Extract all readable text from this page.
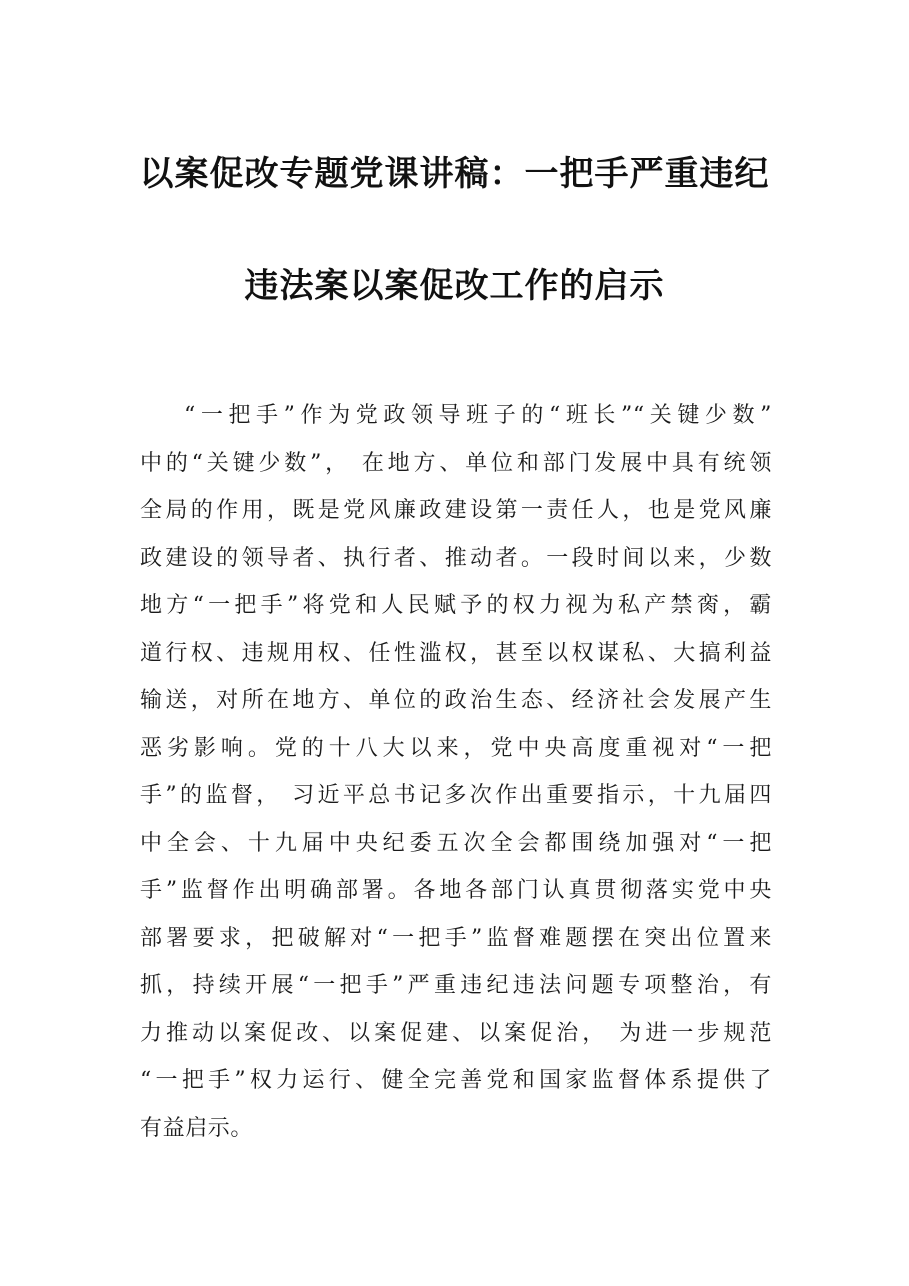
以案促改专题党课讲稿：一把手严重违纪
违法案以案促改工作的启示
“一把手”作为党政领导班子的“班长”“关键少数”
中的“关键少数”， 在地方、单位和部门发展中具有统领
全局的作用，既是党风廉政建设第一责任人，也是党风廉
政建设的领导者、执行者、推动者。一段时间以来，少数
地方“一把手”将党和人民赋予的权力视为私产禁脔，霸
道行权、违规用权、任性滥权，甚至以权谋私、大搞利益
输送，对所在地方、单位的政治生态、经济社会发展产生
恶劣影响。党的十八大以来，党中央高度重视对“一把
手”的监督， 习近平总书记多次作出重要指示，十九届四
中全会、十九届中央纪委五次全会都围绕加强对“一把
手”监督作出明确部署。各地各部门认真贯彻落实党中央
部署要求，把破解对“一把手”监督难题摆在突出位置来
抓，持续开展“一把手”严重违纪违法问题专项整治，有
力推动以案促改、以案促建、以案促治， 为进一步规范
“一把手”权力运行、健全完善党和国家监督体系提供了
有益启示。
